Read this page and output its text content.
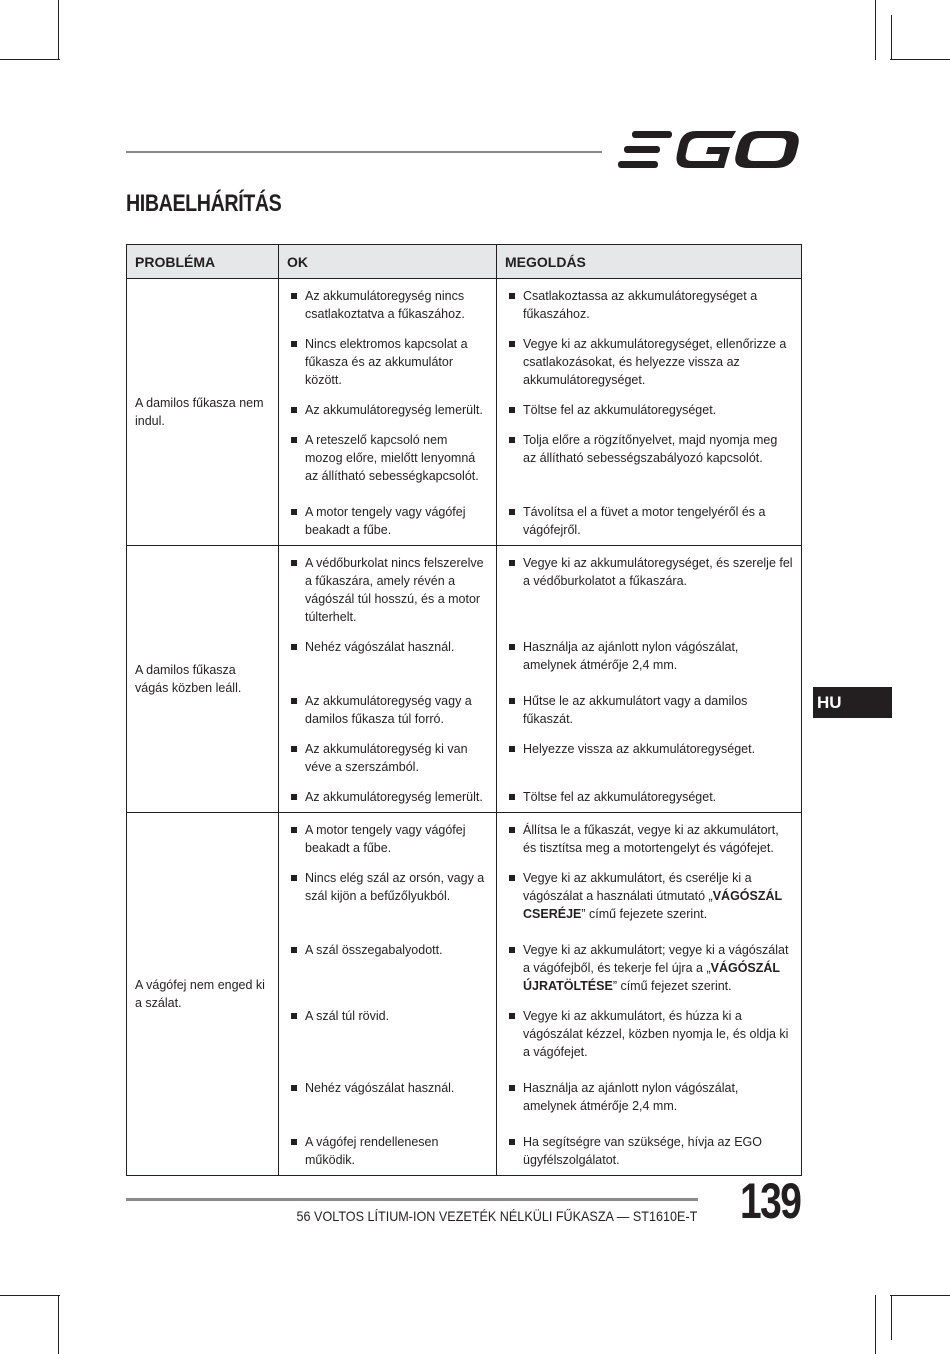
HIBAELHÁRÍTÁS
PROBLÉMA	OK	MEGOLDÁS
A damilos fűkasza nem indul.	Az akkumulátoregység nincs csatlakoztatva a fűkaszához.	Csatlakoztassa az akkumulátoregységet a fűkaszához.

	Nincs elektromos kapcsolat a fűkasza és az akkumulátor között.	Vegye ki az akkumulátoregységet, ellenőrizze a csatlakozásokat, és helyezze vissza az akkumulátoregységet.

	Az akkumulátoregység lemerült.	Töltse fel az akkumulátoregységet.

	A reteszelő kapcsoló nem mozog előre, mielőtt lenyomná az állítható sebességkapcsolót.	Tolja előre a rögzítőnyelvet, majd nyomja meg az állítható sebességszabályozó kapcsolót.

	A motor tengely vagy vágófej beakadt a fűbe.	Távolítsa el a füvet a motor tengelyéről és a vágófejről.

A damilos fűkasza vágás közben leáll.	A védőburkolat nincs felszerelve a fűkaszára, amely révén a vágószál túl hosszú, és a motor túlterhelt.	Vegye ki az akkumulátoregységet, és szerelje fel a védőburkolatot a fűkaszára.

	Nehéz vágószálat használ.	Használja az ajánlott nylon vágószálat, amelynek átmérője 2,4 mm.

	Az akkumulátoregység vagy a damilos fűkasza túl forró.	Hűtse le az akkumulátort vagy a damilos fűkaszát.

	Az akkumulátoregység ki van véve a szerszámból.	Helyezze vissza az akkumulátoregységet.

	Az akkumulátoregység lemerült.	Töltse fel az akkumulátoregységet.

A vágófej nem enged ki a szálat.	A motor tengely vagy vágófej beakadt a fűbe.	Állítsa le a fűkaszát, vegye ki az akkumulátort, és tisztítsa meg a motortengelyt és vágófejet.

	Nincs elég szál az orsón, vagy a szál kijön a befűzőlyukból.	Vegye ki az akkumulátort, és cserélje ki a vágószálat a használati útmutató „VÁGÓSZÁL CSERÉJE” című fejezete szerint.

	A szál összegabalyodott.	Vegye ki az akkumulátort; vegye ki a vágószálat a vágófejből, és tekerje fel újra a „VÁGÓSZÁL ÚJRATÖLTÉSE” című fejezet szerint.

	A szál túl rövid.	Vegye ki az akkumulátort, és húzza ki a vágószálat kézzel, közben nyomja le, és oldja ki a vágófejet.

	Nehéz vágószálat használ.	Használja az ajánlott nylon vágószálat, amelynek átmérője 2,4 mm.

	A vágófej rendellenesen működik.	Ha segítségre van szüksége, hívja az EGO ügyfélszolgálatot.
HU
56 VOLTOS LÍTIUM-ION VEZETÉK NÉLKÜLI FŰKASZA — ST1610E-T 139
